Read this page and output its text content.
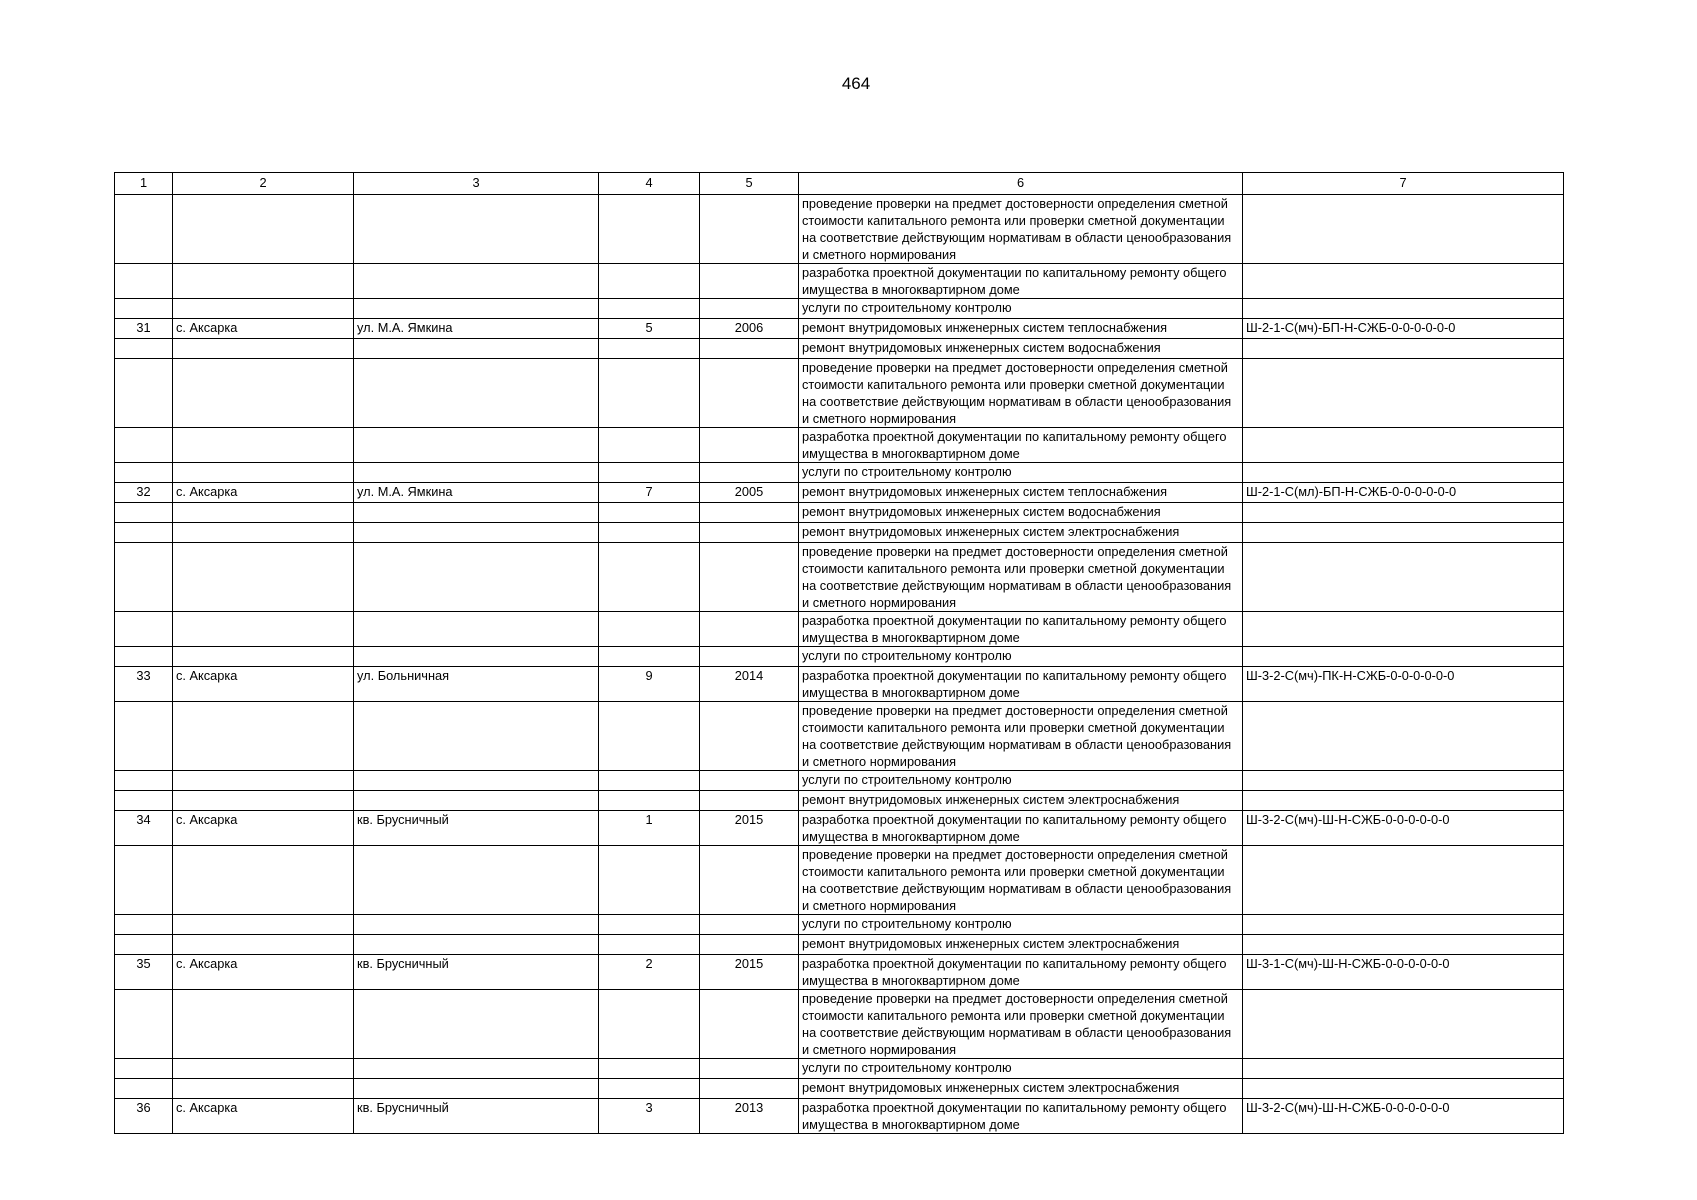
464
1	2	3	4	5	6	7
					проведение проверки на предмет достоверности определения сметной стоимости капитального ремонта или проверки сметной документации на соответствие действующим нормативам в области ценообразования и сметного нормирования	
					разработка проектной документации по капитальному ремонту общего имущества в многоквартирном доме	
					услуги по строительному контролю	
31	с. Аксарка	ул. М.А. Ямкина	5	2006	ремонт внутридомовых инженерных систем теплоснабжения	Ш-2-1-С(мч)-БП-Н-СЖБ-0-0-0-0-0-0
					ремонт внутридомовых инженерных систем водоснабжения	
					проведение проверки на предмет достоверности определения сметной стоимости капитального ремонта или проверки сметной документации на соответствие действующим нормативам в области ценообразования и сметного нормирования	
					разработка проектной документации по капитальному ремонту общего имущества в многоквартирном доме	
					услуги по строительному контролю	
32	с. Аксарка	ул. М.А. Ямкина	7	2005	ремонт внутридомовых инженерных систем теплоснабжения	Ш-2-1-С(мл)-БП-Н-СЖБ-0-0-0-0-0-0
					ремонт внутридомовых инженерных систем водоснабжения	
					ремонт внутридомовых инженерных систем электроснабжения	
					проведение проверки на предмет достоверности определения сметной стоимости капитального ремонта или проверки сметной документации на соответствие действующим нормативам в области ценообразования и сметного нормирования	
					разработка проектной документации по капитальному ремонту общего имущества в многоквартирном доме	
					услуги по строительному контролю	
33	с. Аксарка	ул. Больничная	9	2014	разработка проектной документации по капитальному ремонту общего имущества в многоквартирном доме	Ш-3-2-С(мч)-ПК-Н-СЖБ-0-0-0-0-0-0
					проведение проверки на предмет достоверности определения сметной стоимости капитального ремонта или проверки сметной документации на соответствие действующим нормативам в области ценообразования и сметного нормирования	
					услуги по строительному контролю	
					ремонт внутридомовых инженерных систем электроснабжения	
34	с. Аксарка	кв. Брусничный	1	2015	разработка проектной документации по капитальному ремонту общего имущества в многоквартирном доме	Ш-3-2-С(мч)-Ш-Н-СЖБ-0-0-0-0-0-0
					проведение проверки на предмет достоверности определения сметной стоимости капитального ремонта или проверки сметной документации на соответствие действующим нормативам в области ценообразования и сметного нормирования	
					услуги по строительному контролю	
					ремонт внутридомовых инженерных систем электроснабжения	
35	с. Аксарка	кв. Брусничный	2	2015	разработка проектной документации по капитальному ремонту общего имущества в многоквартирном доме	Ш-3-1-С(мч)-Ш-Н-СЖБ-0-0-0-0-0-0
					проведение проверки на предмет достоверности определения сметной стоимости капитального ремонта или проверки сметной документации на соответствие действующим нормативам в области ценообразования и сметного нормирования	
					услуги по строительному контролю	
					ремонт внутридомовых инженерных систем электроснабжения	
36	с. Аксарка	кв. Брусничный	3	2013	разработка проектной документации по капитальному ремонту общего имущества в многоквартирном доме	Ш-3-2-С(мч)-Ш-Н-СЖБ-0-0-0-0-0-0
